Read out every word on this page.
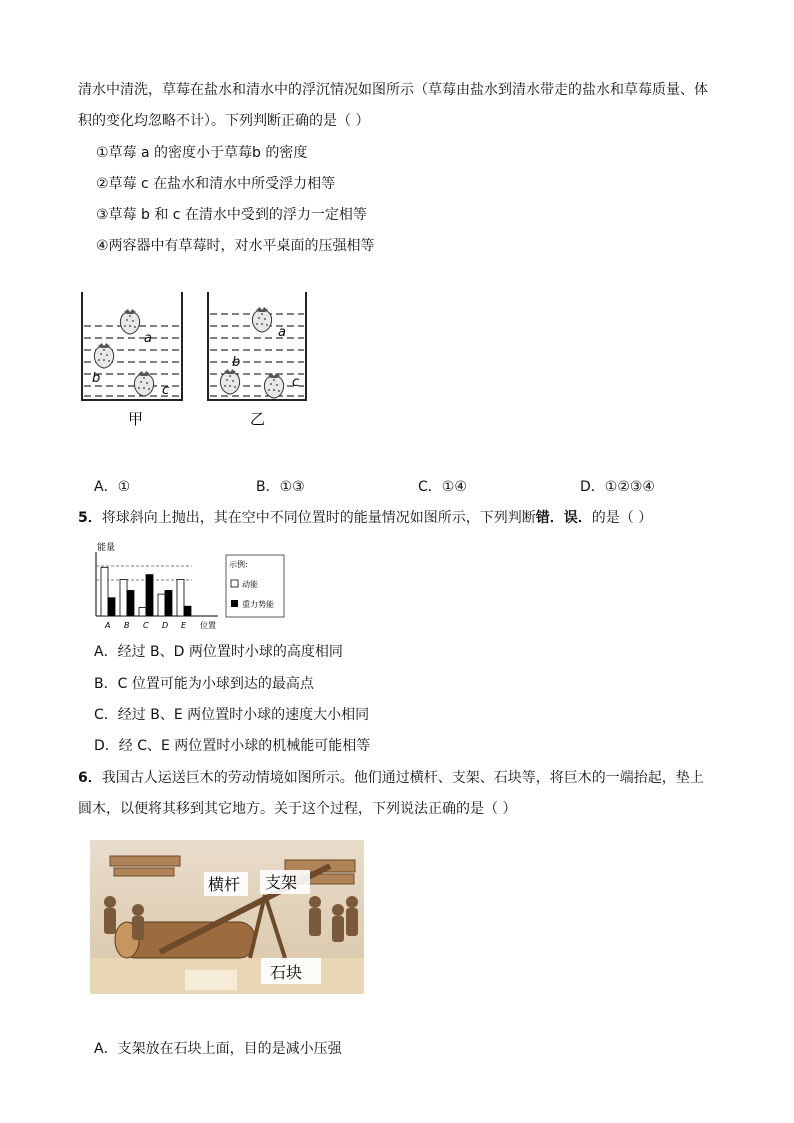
清水中清洗，草莓在盐水和清水中的浮沉情况如图所示（草莓由盐水到清水带走的盐水和草莓质量、体
积的变化均忽略不计）。下列判断正确的是（ ）
①草莓 a 的密度小于草莓b 的密度
②草莓 c 在盐水和清水中所受浮力相等
③草莓 b 和 c 在清水中受到的浮力一定相等
④两容器中有草莓时，对水平桌面的压强相等
a
b
c
a
b
c
甲	乙
A．①	B．①③	C．①④	D．①②③④
5．将球斜向上抛出，其在空中不同位置时的能量情况如图所示，下列判断错．误．的是（ ）
能量
A B C D E 位置
示例:
动能
重力势能
A．经过 B、D 两位置时小球的高度相同
B．C 位置可能为小球到达的最高点
C．经过 B、E 两位置时小球的速度大小相同
D．经 C、E 两位置时小球的机械能可能相等
6．我国古人运送巨木的劳动情境如图所示。他们通过横杆、支架、石块等，将巨木的一端抬起，垫上
圆木，以便将其移到其它地方。关于这个过程，下列说法正确的是（ ）
横杆 支架
石块
A．支架放在石块上面，目的是减小压强
